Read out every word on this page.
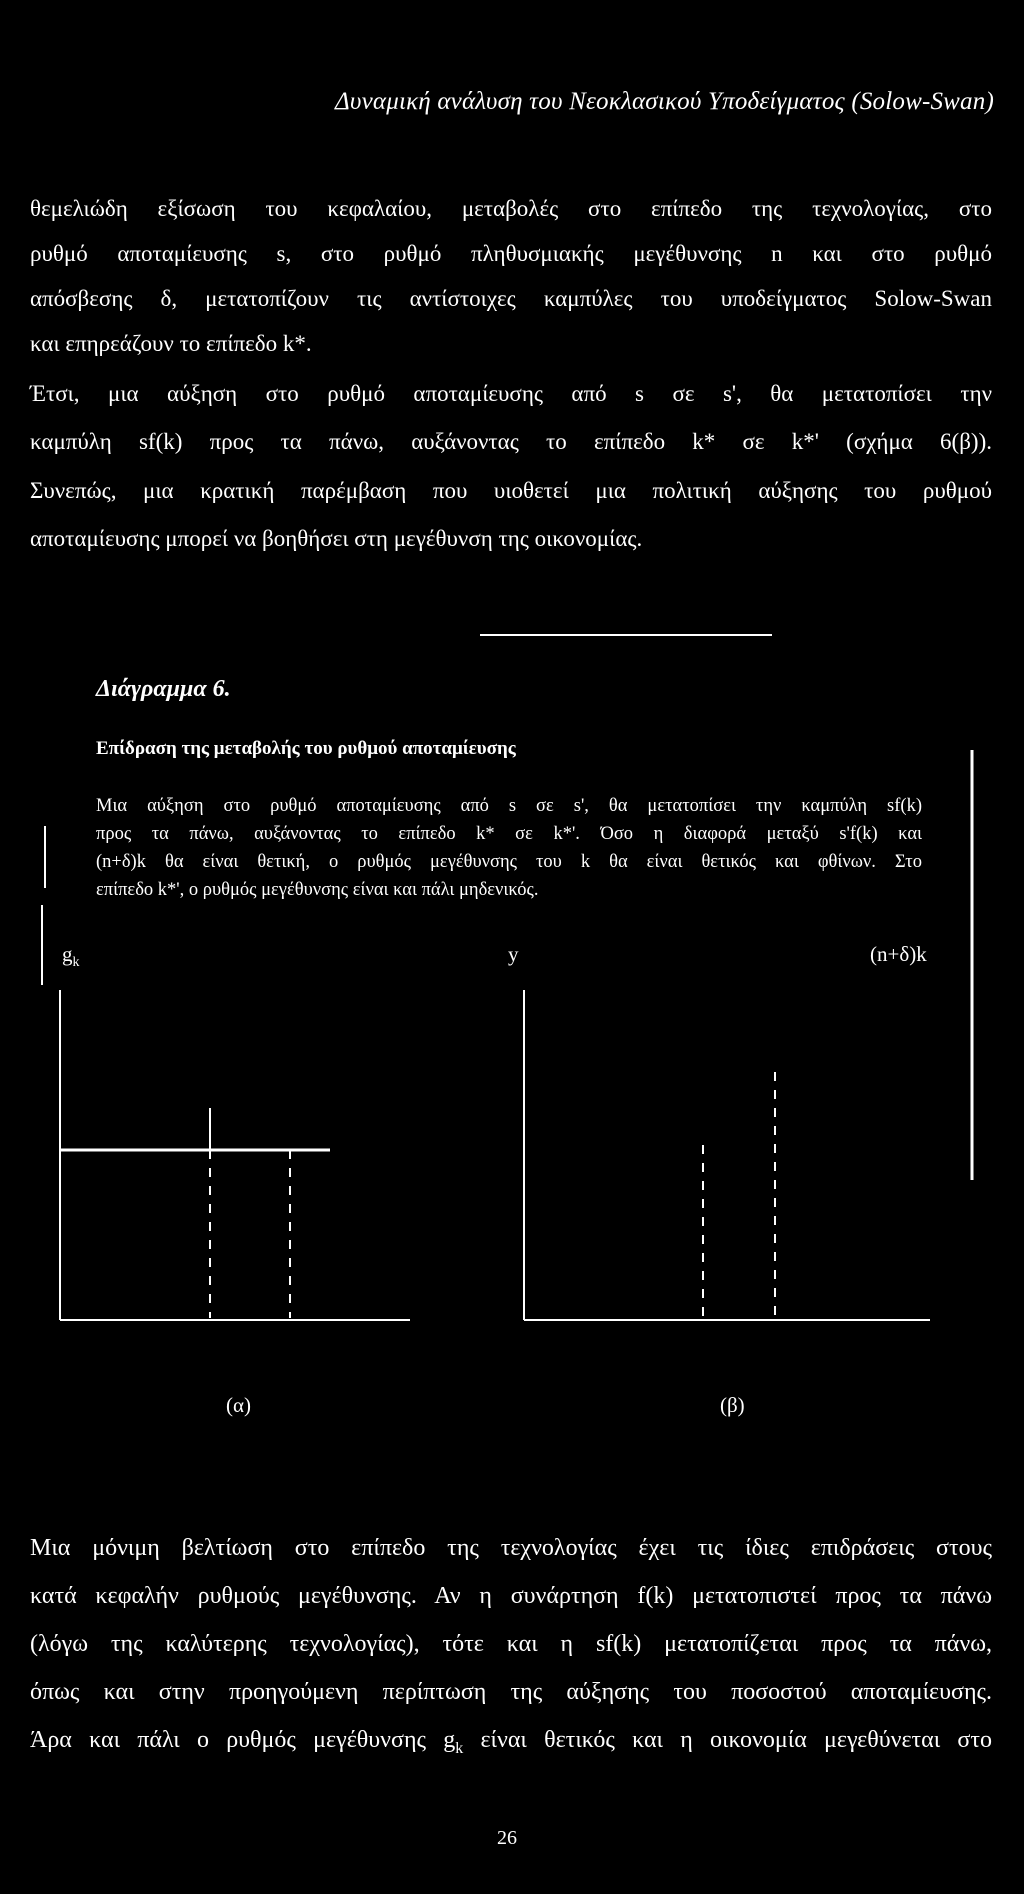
Δυναμική ανάλυση του Νεοκλασικού Υποδείγματος (Solow-Swan)

θεμελιώδη εξίσωση του κεφαλαίου, μεταβολές στο επίπεδο της τεχνολογίας, στο

ρυθμό αποταμίευσης s, στο ρυθμό πληθυσμιακής μεγέθυνσης n και στο ρυθμό

απόσβεσης δ, μετατοπίζουν τις αντίστοιχες καμπύλες του υποδείγματος Solow-Swan

και επηρεάζουν το επίπεδο k*.

Έτσι, μια αύξηση στο ρυθμό αποταμίευσης από s σε s', θα μετατοπίσει την

καμπύλη sf(k) προς τα πάνω, αυξάνοντας το επίπεδο k* σε k*' (σχήμα 6(β)).

Συνεπώς, μια κρατική παρέμβαση που υιοθετεί μια πολιτική αύξησης του ρυθμού

αποταμίευσης μπορεί να βοηθήσει στη μεγέθυνση της οικονομίας.

Διάγραμμα 6.
Επίδραση της μεταβολής του ρυθμού αποταμίευσης
Μια αύξηση στο ρυθμό αποταμίευσης από s σε s', θα μετατοπίσει την καμπύλη sf(k)
προς τα πάνω, αυξάνοντας το επίπεδο k* σε k*'. Όσο η διαφορά μεταξύ s'f(k) και
(n+δ)k θα είναι θετική, ο ρυθμός μεγέθυνσης του k θα είναι θετικός και φθίνων. Στο
επίπεδο k*', ο ρυθμός μεγέθυνσης είναι και πάλι μηδενικός.
$g_k$	y	(n+δ)k
(α)	(β)

Μια μόνιμη βελτίωση στο επίπεδο της τεχνολογίας έχει τις ίδιες επιδράσεις στους

κατά κεφαλήν ρυθμούς μεγέθυνσης. Αν η συνάρτηση f(k) μετατοπιστεί προς τα πάνω

(λόγω της καλύτερης τεχνολογίας), τότε και η sf(k) μετατοπίζεται προς τα πάνω,

όπως και στην προηγούμενη περίπτωση της αύξησης του ποσοστού αποταμίευσης.

Άρα και πάλι ο ρυθμός μεγέθυνσης $g_k$ είναι θετικός και η οικονομία μεγεθύνεται στο

26
